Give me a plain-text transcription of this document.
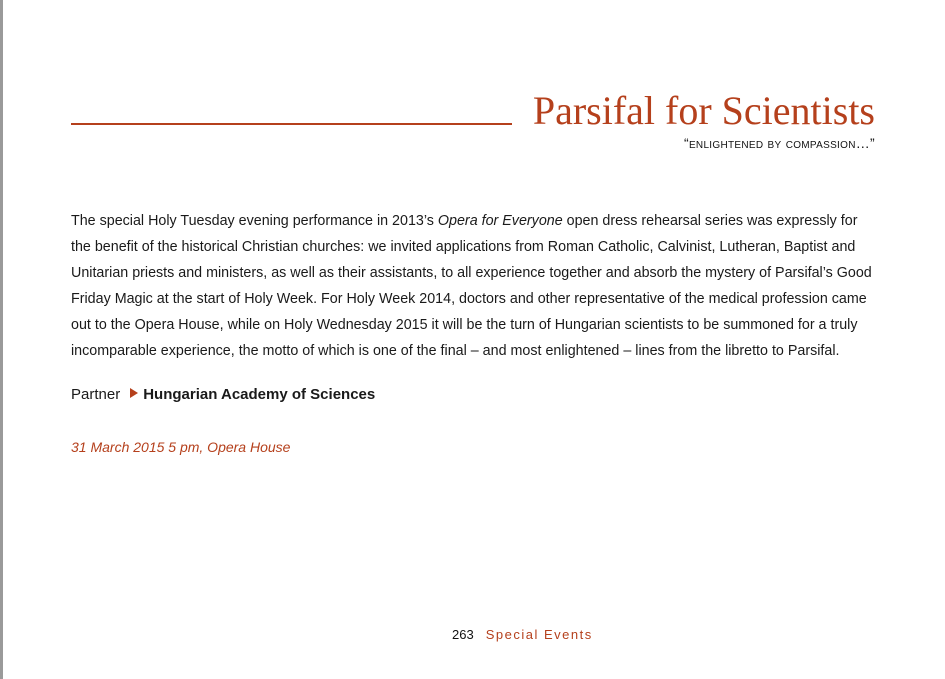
Parsifal for Scientists
“enlightened by compassion…”

The special Holy Tuesday evening performance in 2013’s Opera for Everyone open dress rehearsal series was expressly for the benefit of the historical Christian churches: we invited applications from Roman Catholic, Calvinist, Lutheran, Baptist and Unitarian priests and ministers, as well as their assistants, to all experience together and absorb the mystery of Parsifal’s Good Friday Magic at the start of Holy Week. For Holy Week 2014, doctors and other representative of the medical profession came out to the Opera House, while on Holy Wednesday 2015 it will be the turn of Hungarian scientists to be summoned for a truly incomparable experience, the motto of which is one of the final – and most enlightened – lines from the libretto to Parsifal.

Partner Hungarian Academy of Sciences
31 March 2015 5 pm, Opera House
263 Special Events
